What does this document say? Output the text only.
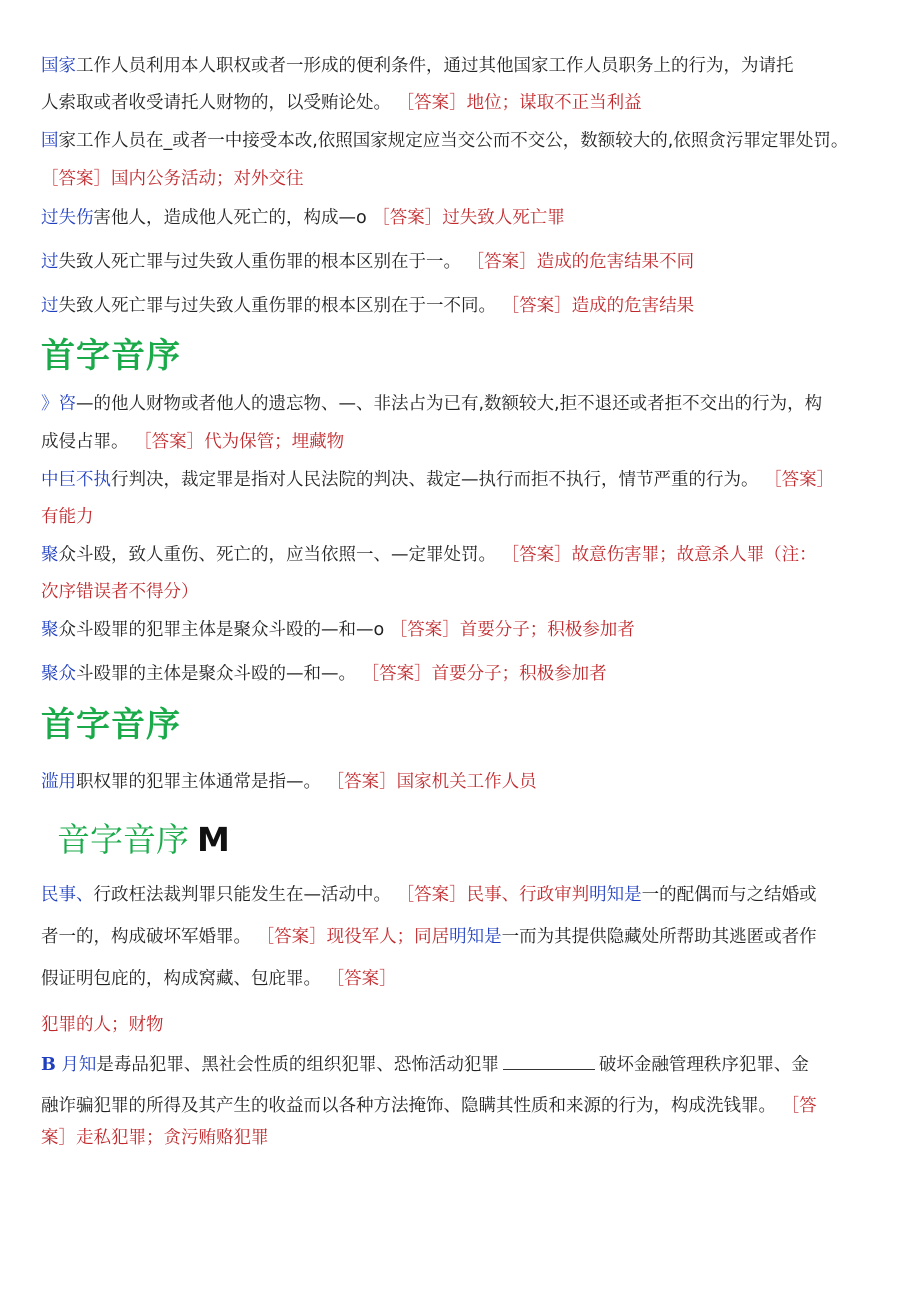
国家工作人员利用本人职权或者一形成的便利条件，通过其他国家工作人员职务上的行为，为请托
人索取或者收受请托人财物的，以受贿论处。 ［答案］地位；谋取不正当利益
国家工作人员在_或者一中接受本改,依照国家规定应当交公而不交公，数额较大的,依照贪污罪定罪处罚。
［答案］国内公务活动；对外交往
过失伤害他人，造成他人死亡的，构成—o ［答案］过失致人死亡罪
过失致人死亡罪与过失致人重伤罪的根本区别在于一。 ［答案］造成的危害结果不同
过失致人死亡罪与过失致人重伤罪的根本区别在于一不同。 ［答案］造成的危害结果
首字音序
》咨—的他人财物或者他人的遗忘物、—、非法占为已有,数额较大,拒不退还或者拒不交出的行为，构
成侵占罪。 ［答案］代为保管；埋藏物
中巨不执行判决，裁定罪是指对人民法院的判决、裁定—执行而拒不执行，情节严重的行为。 ［答案］
有能力
聚众斗殴，致人重伤、死亡的，应当依照一、—定罪处罚。 ［答案］故意伤害罪；故意杀人罪（注：
次序错误者不得分）
聚众斗殴罪的犯罪主体是聚众斗殴的—和—o ［答案］首要分子；积极参加者
聚众斗殴罪的主体是聚众斗殴的—和—。 ［答案］首要分子；积极参加者
首字音序
滥用职权罪的犯罪主体通常是指—。 ［答案］国家机关工作人员
音字音序 M
民事、行政枉法裁判罪只能发生在—活动中。 ［答案］民事、行政审判明知是一的配偶而与之结婚或
者一的，构成破坏军婚罪。 ［答案］现役军人；同居明知是一而为其提供隐藏处所帮助其逃匿或者作
假证明包庇的，构成窝藏、包庇罪。 ［答案］
犯罪的人；财物
B 月知是毒品犯罪、黑社会性质的组织犯罪、恐怖活动犯罪	破坏金融管理秩序犯罪、金
融诈骗犯罪的所得及其产生的收益而以各种方法掩饰、隐瞒其性质和来源的行为，构成洗钱罪。 ［答
案］走私犯罪；贪污贿赂犯罪
